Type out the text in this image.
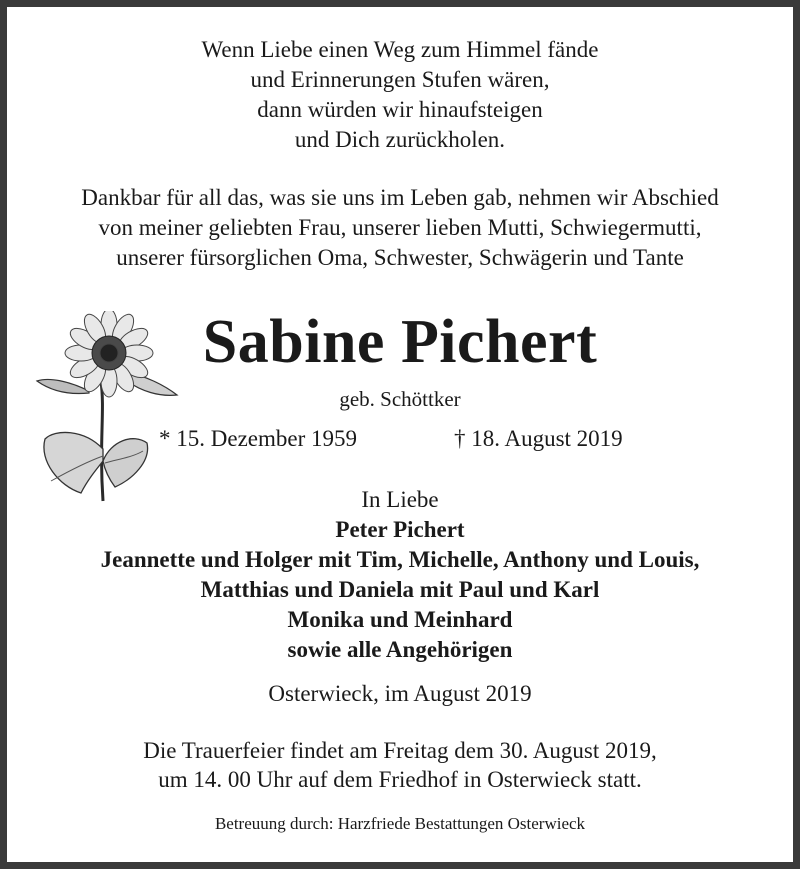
Wenn Liebe einen Weg zum Himmel fände
und Erinnerungen Stufen wären,
dann würden wir hinaufsteigen
und Dich zurückholen.
Dankbar für all das, was sie uns im Leben gab, nehmen wir Abschied
von meiner geliebten Frau, unserer lieben Mutti, Schwiegermutti,
unserer fürsorglichen Oma, Schwester, Schwägerin und Tante
Sabine Pichert
geb. Schöttker
* 15. Dezember 1959	† 18. August 2019
In Liebe
Peter Pichert
Jeannette und Holger mit Tim, Michelle, Anthony und Louis,
Matthias und Daniela mit Paul und Karl
Monika und Meinhard
sowie alle Angehörigen
Osterwieck, im August 2019
Die Trauerfeier findet am Freitag dem 30. August 2019,
um 14. 00 Uhr auf dem Friedhof in Osterwieck statt.
Betreuung durch: Harzfriede Bestattungen Osterwieck
